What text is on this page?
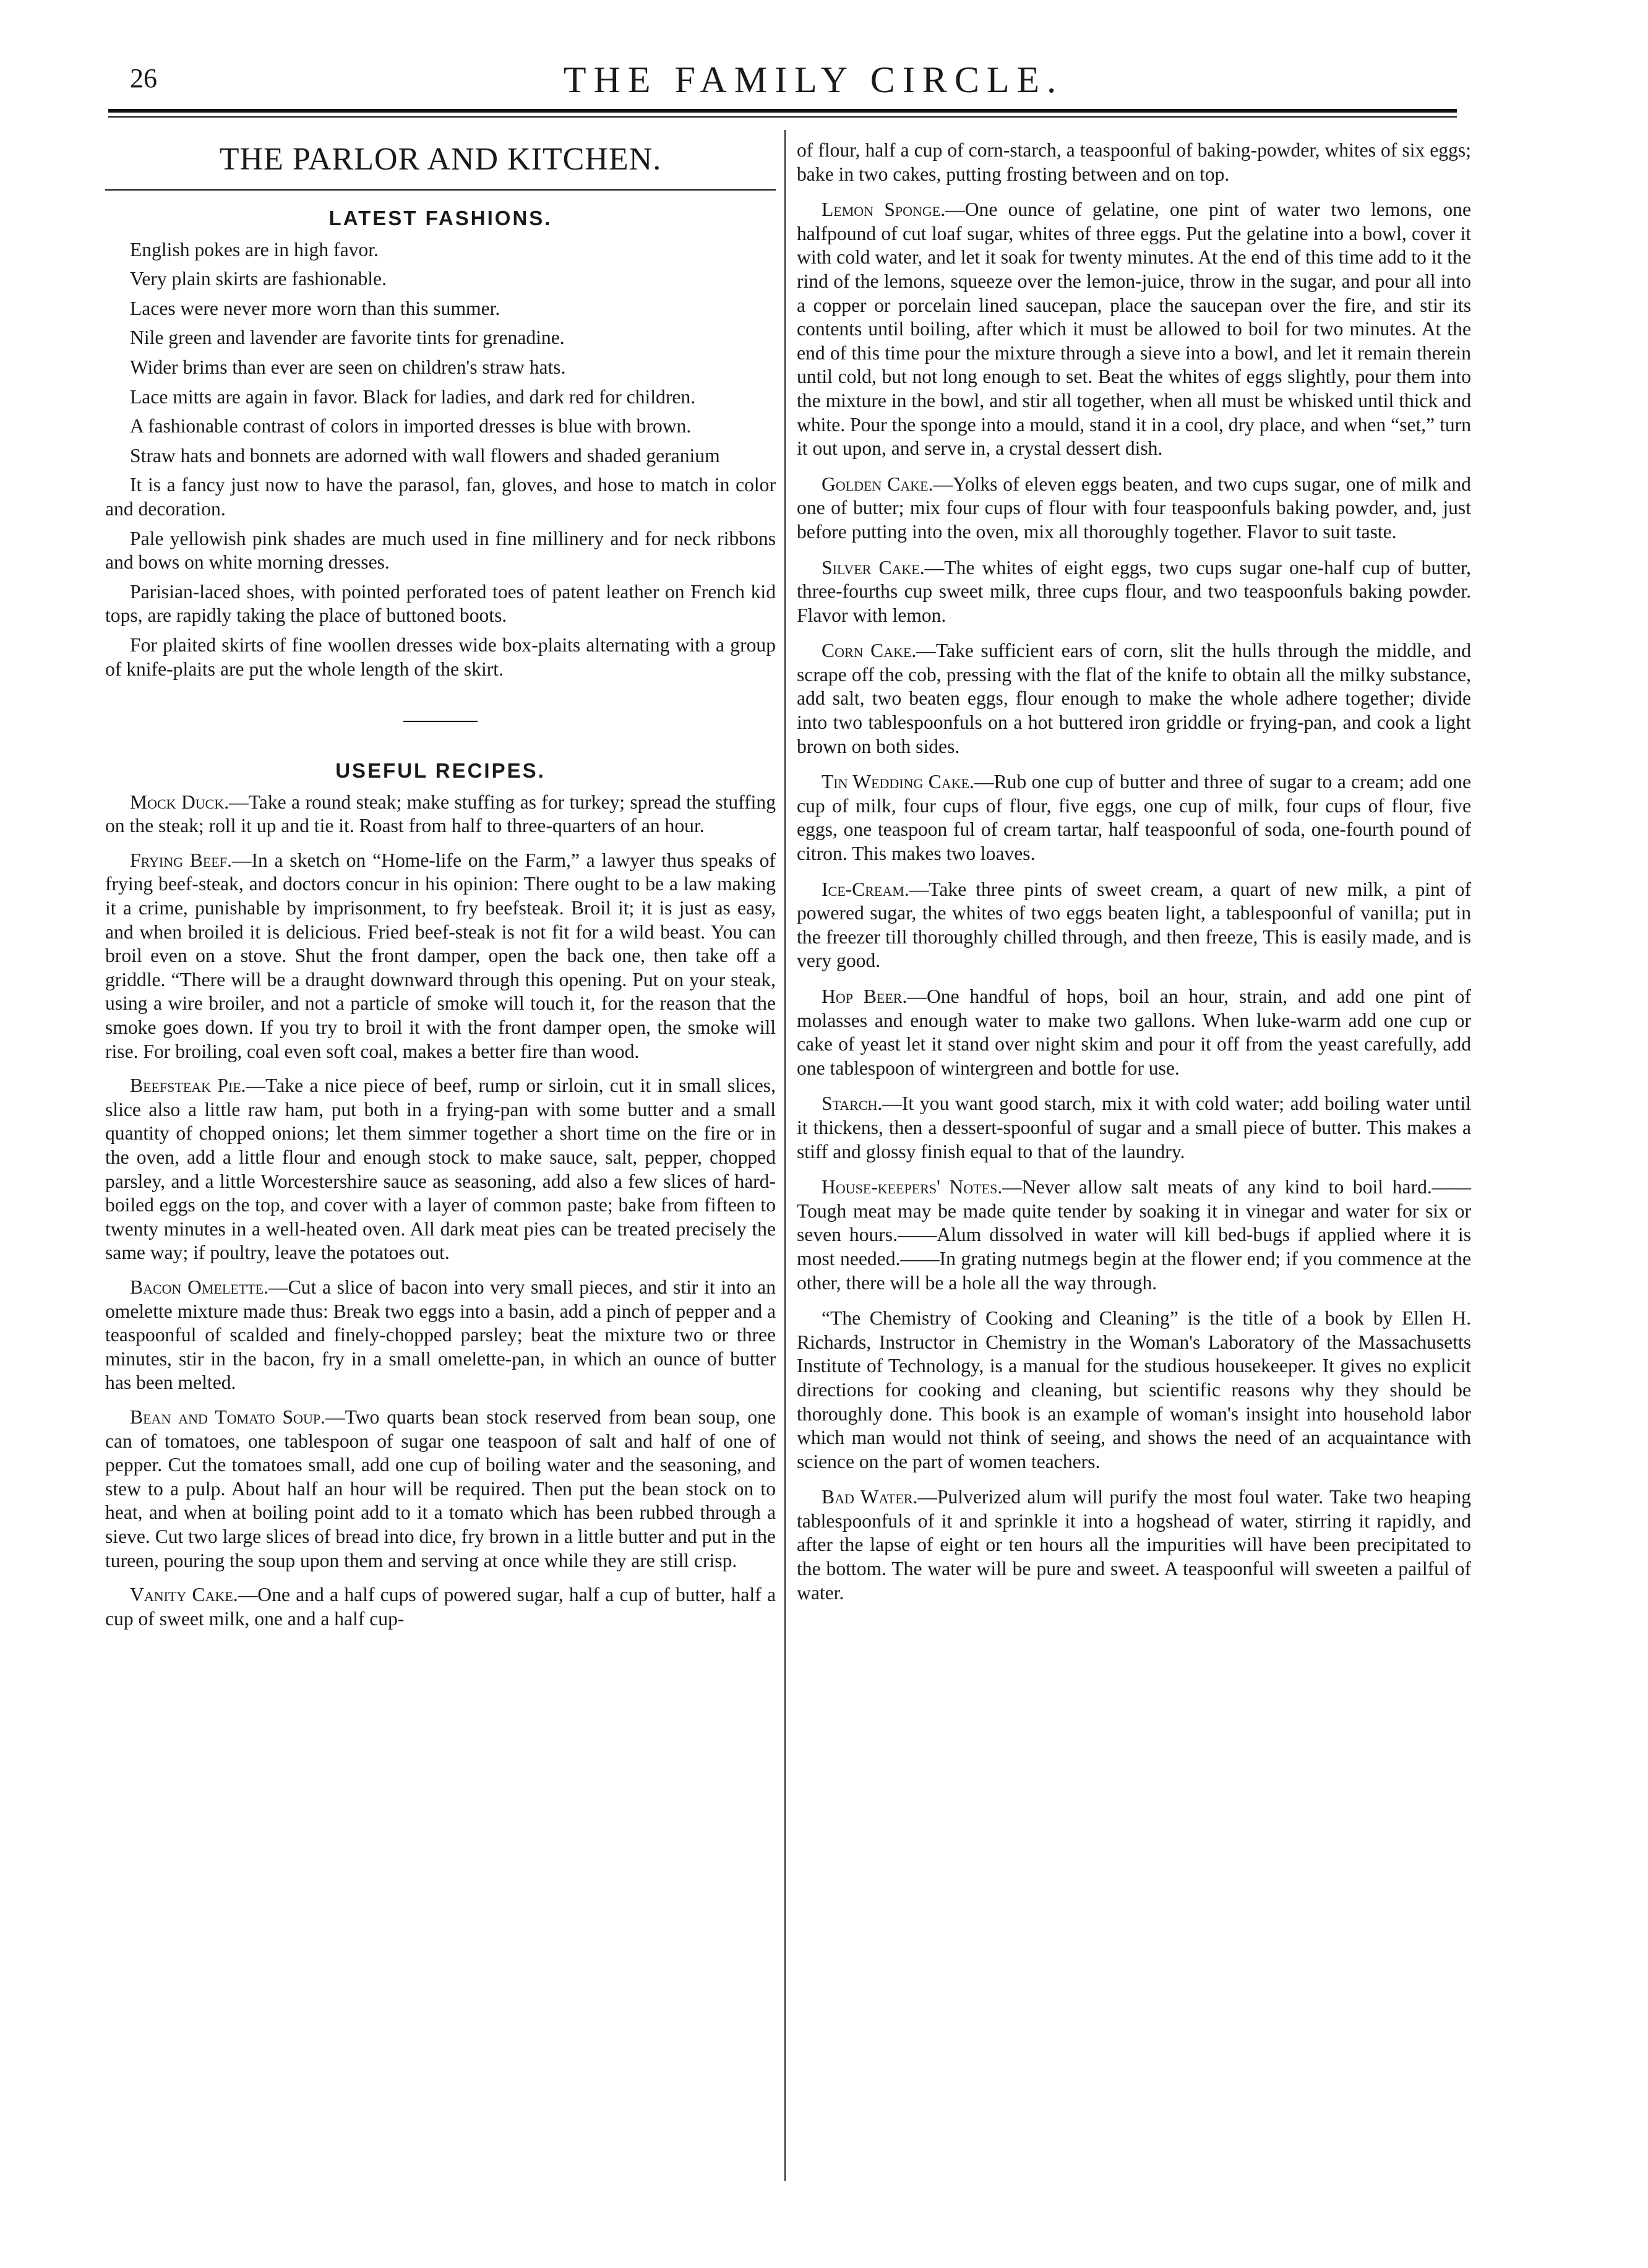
26	THE FAMILY CIRCLE.
THE PARLOR AND KITCHEN.
LATEST FASHIONS.

English pokes are in high favor.

Very plain skirts are fashionable.

Laces were never more worn than this summer.

Nile green and lavender are favorite tints for grenadine.

Wider brims than ever are seen on children's straw hats.

Lace mitts are again in favor. Black for ladies, and dark red for children.

A fashionable contrast of colors in imported dresses is blue with brown.

Straw hats and bonnets are adorned with wall flowers and shaded geranium

It is a fancy just now to have the parasol, fan, gloves, and hose to match in color and decoration.

Pale yellowish pink shades are much used in fine millinery and for neck ribbons and bows on white morning dresses.

Parisian-laced shoes, with pointed perforated toes of patent leather on French kid tops, are rapidly taking the place of buttoned boots.

For plaited skirts of fine woollen dresses wide box-plaits alternating with a group of knife-plaits are put the whole length of the skirt.

USEFUL RECIPES.

Mock Duck.—Take a round steak; make stuffing as for turkey; spread the stuffing on the steak; roll it up and tie it. Roast from half to three-quarters of an hour.

Frying Beef.—In a sketch on “Home-life on the Farm,” a lawyer thus speaks of frying beef-steak, and doctors concur in his opinion: There ought to be a law making it a crime, punishable by imprisonment, to fry beefsteak. Broil it; it is just as easy, and when broiled it is delicious. Fried beef-steak is not fit for a wild beast. You can broil even on a stove. Shut the front damper, open the back one, then take off a griddle. “There will be a draught downward through this opening. Put on your steak, using a wire broiler, and not a particle of smoke will touch it, for the reason that the smoke goes down. If you try to broil it with the front damper open, the smoke will rise. For broiling, coal even soft coal, makes a better fire than wood.

Beefsteak Pie.—Take a nice piece of beef, rump or sirloin, cut it in small slices, slice also a little raw ham, put both in a frying-pan with some butter and a small quantity of chopped onions; let them simmer together a short time on the fire or in the oven, add a little flour and enough stock to make sauce, salt, pepper, chopped parsley, and a little Worcestershire sauce as seasoning, add also a few slices of hard-boiled eggs on the top, and cover with a layer of common paste; bake from fifteen to twenty minutes in a well-heated oven. All dark meat pies can be treated precisely the same way; if poultry, leave the potatoes out.

Bacon Omelette.—Cut a slice of bacon into very small pieces, and stir it into an omelette mixture made thus: Break two eggs into a basin, add a pinch of pepper and a teaspoonful of scalded and finely-chopped parsley; beat the mixture two or three minutes, stir in the bacon, fry in a small omelette-pan, in which an ounce of butter has been melted.

Bean and Tomato Soup.—Two quarts bean stock reserved from bean soup, one can of tomatoes, one tablespoon of sugar one teaspoon of salt and half of one of pepper. Cut the tomatoes small, add one cup of boiling water and the seasoning, and stew to a pulp. About half an hour will be required. Then put the bean stock on to heat, and when at boiling point add to it a tomato which has been rubbed through a sieve. Cut two large slices of bread into dice, fry brown in a little butter and put in the tureen, pouring the soup upon them and serving at once while they are still crisp.

Vanity Cake.—One and a half cups of powered sugar, half a cup of butter, half a cup of sweet milk, one and a half cup-

of flour, half a cup of corn-starch, a teaspoonful of baking-powder, whites of six eggs; bake in two cakes, putting frosting between and on top.

Lemon Sponge.—One ounce of gelatine, one pint of water two lemons, one halfpound of cut loaf sugar, whites of three eggs. Put the gelatine into a bowl, cover it with cold water, and let it soak for twenty minutes. At the end of this time add to it the rind of the lemons, squeeze over the lemon-juice, throw in the sugar, and pour all into a copper or porcelain lined saucepan, place the saucepan over the fire, and stir its contents until boiling, after which it must be allowed to boil for two minutes. At the end of this time pour the mixture through a sieve into a bowl, and let it remain therein until cold, but not long enough to set. Beat the whites of eggs slightly, pour them into the mixture in the bowl, and stir all together, when all must be whisked until thick and white. Pour the sponge into a mould, stand it in a cool, dry place, and when “set,” turn it out upon, and serve in, a crystal dessert dish.

Golden Cake.—Yolks of eleven eggs beaten, and two cups sugar, one of milk and one of butter; mix four cups of flour with four teaspoonfuls baking powder, and, just before putting into the oven, mix all thoroughly together. Flavor to suit taste.

Silver Cake.—The whites of eight eggs, two cups sugar one-half cup of butter, three-fourths cup sweet milk, three cups flour, and two teaspoonfuls baking powder. Flavor with lemon.

Corn Cake.—Take sufficient ears of corn, slit the hulls through the middle, and scrape off the cob, pressing with the flat of the knife to obtain all the milky substance, add salt, two beaten eggs, flour enough to make the whole adhere together; divide into two tablespoonfuls on a hot buttered iron griddle or frying-pan, and cook a light brown on both sides.

Tin Wedding Cake.—Rub one cup of butter and three of sugar to a cream; add one cup of milk, four cups of flour, five eggs, one cup of milk, four cups of flour, five eggs, one teaspoon ful of cream tartar, half teaspoonful of soda, one-fourth pound of citron. This makes two loaves.

Ice-Cream.—Take three pints of sweet cream, a quart of new milk, a pint of powered sugar, the whites of two eggs beaten light, a tablespoonful of vanilla; put in the freezer till thoroughly chilled through, and then freeze, This is easily made, and is very good.

Hop Beer.—One handful of hops, boil an hour, strain, and add one pint of molasses and enough water to make two gallons. When luke-warm add one cup or cake of yeast let it stand over night skim and pour it off from the yeast carefully, add one tablespoon of wintergreen and bottle for use.

Starch.—It you want good starch, mix it with cold water; add boiling water until it thickens, then a dessert-spoonful of sugar and a small piece of butter. This makes a stiff and glossy finish equal to that of the laundry.

House-keepers' Notes.—Never allow salt meats of any kind to boil hard.——Tough meat may be made quite tender by soaking it in vinegar and water for six or seven hours.——Alum dissolved in water will kill bed-bugs if applied where it is most needed.——In grating nutmegs begin at the flower end; if you commence at the other, there will be a hole all the way through.

“The Chemistry of Cooking and Cleaning” is the title of a book by Ellen H. Richards, Instructor in Chemistry in the Woman's Laboratory of the Massachusetts Institute of Technology, is a manual for the studious housekeeper. It gives no explicit directions for cooking and cleaning, but scientific reasons why they should be thoroughly done. This book is an example of woman's insight into household labor which man would not think of seeing, and shows the need of an acquaintance with science on the part of women teachers.

Bad Water.—Pulverized alum will purify the most foul water. Take two heaping tablespoonfuls of it and sprinkle it into a hogshead of water, stirring it rapidly, and after the lapse of eight or ten hours all the impurities will have been precipitated to the bottom. The water will be pure and sweet. A teaspoonful will sweeten a pailful of water.
